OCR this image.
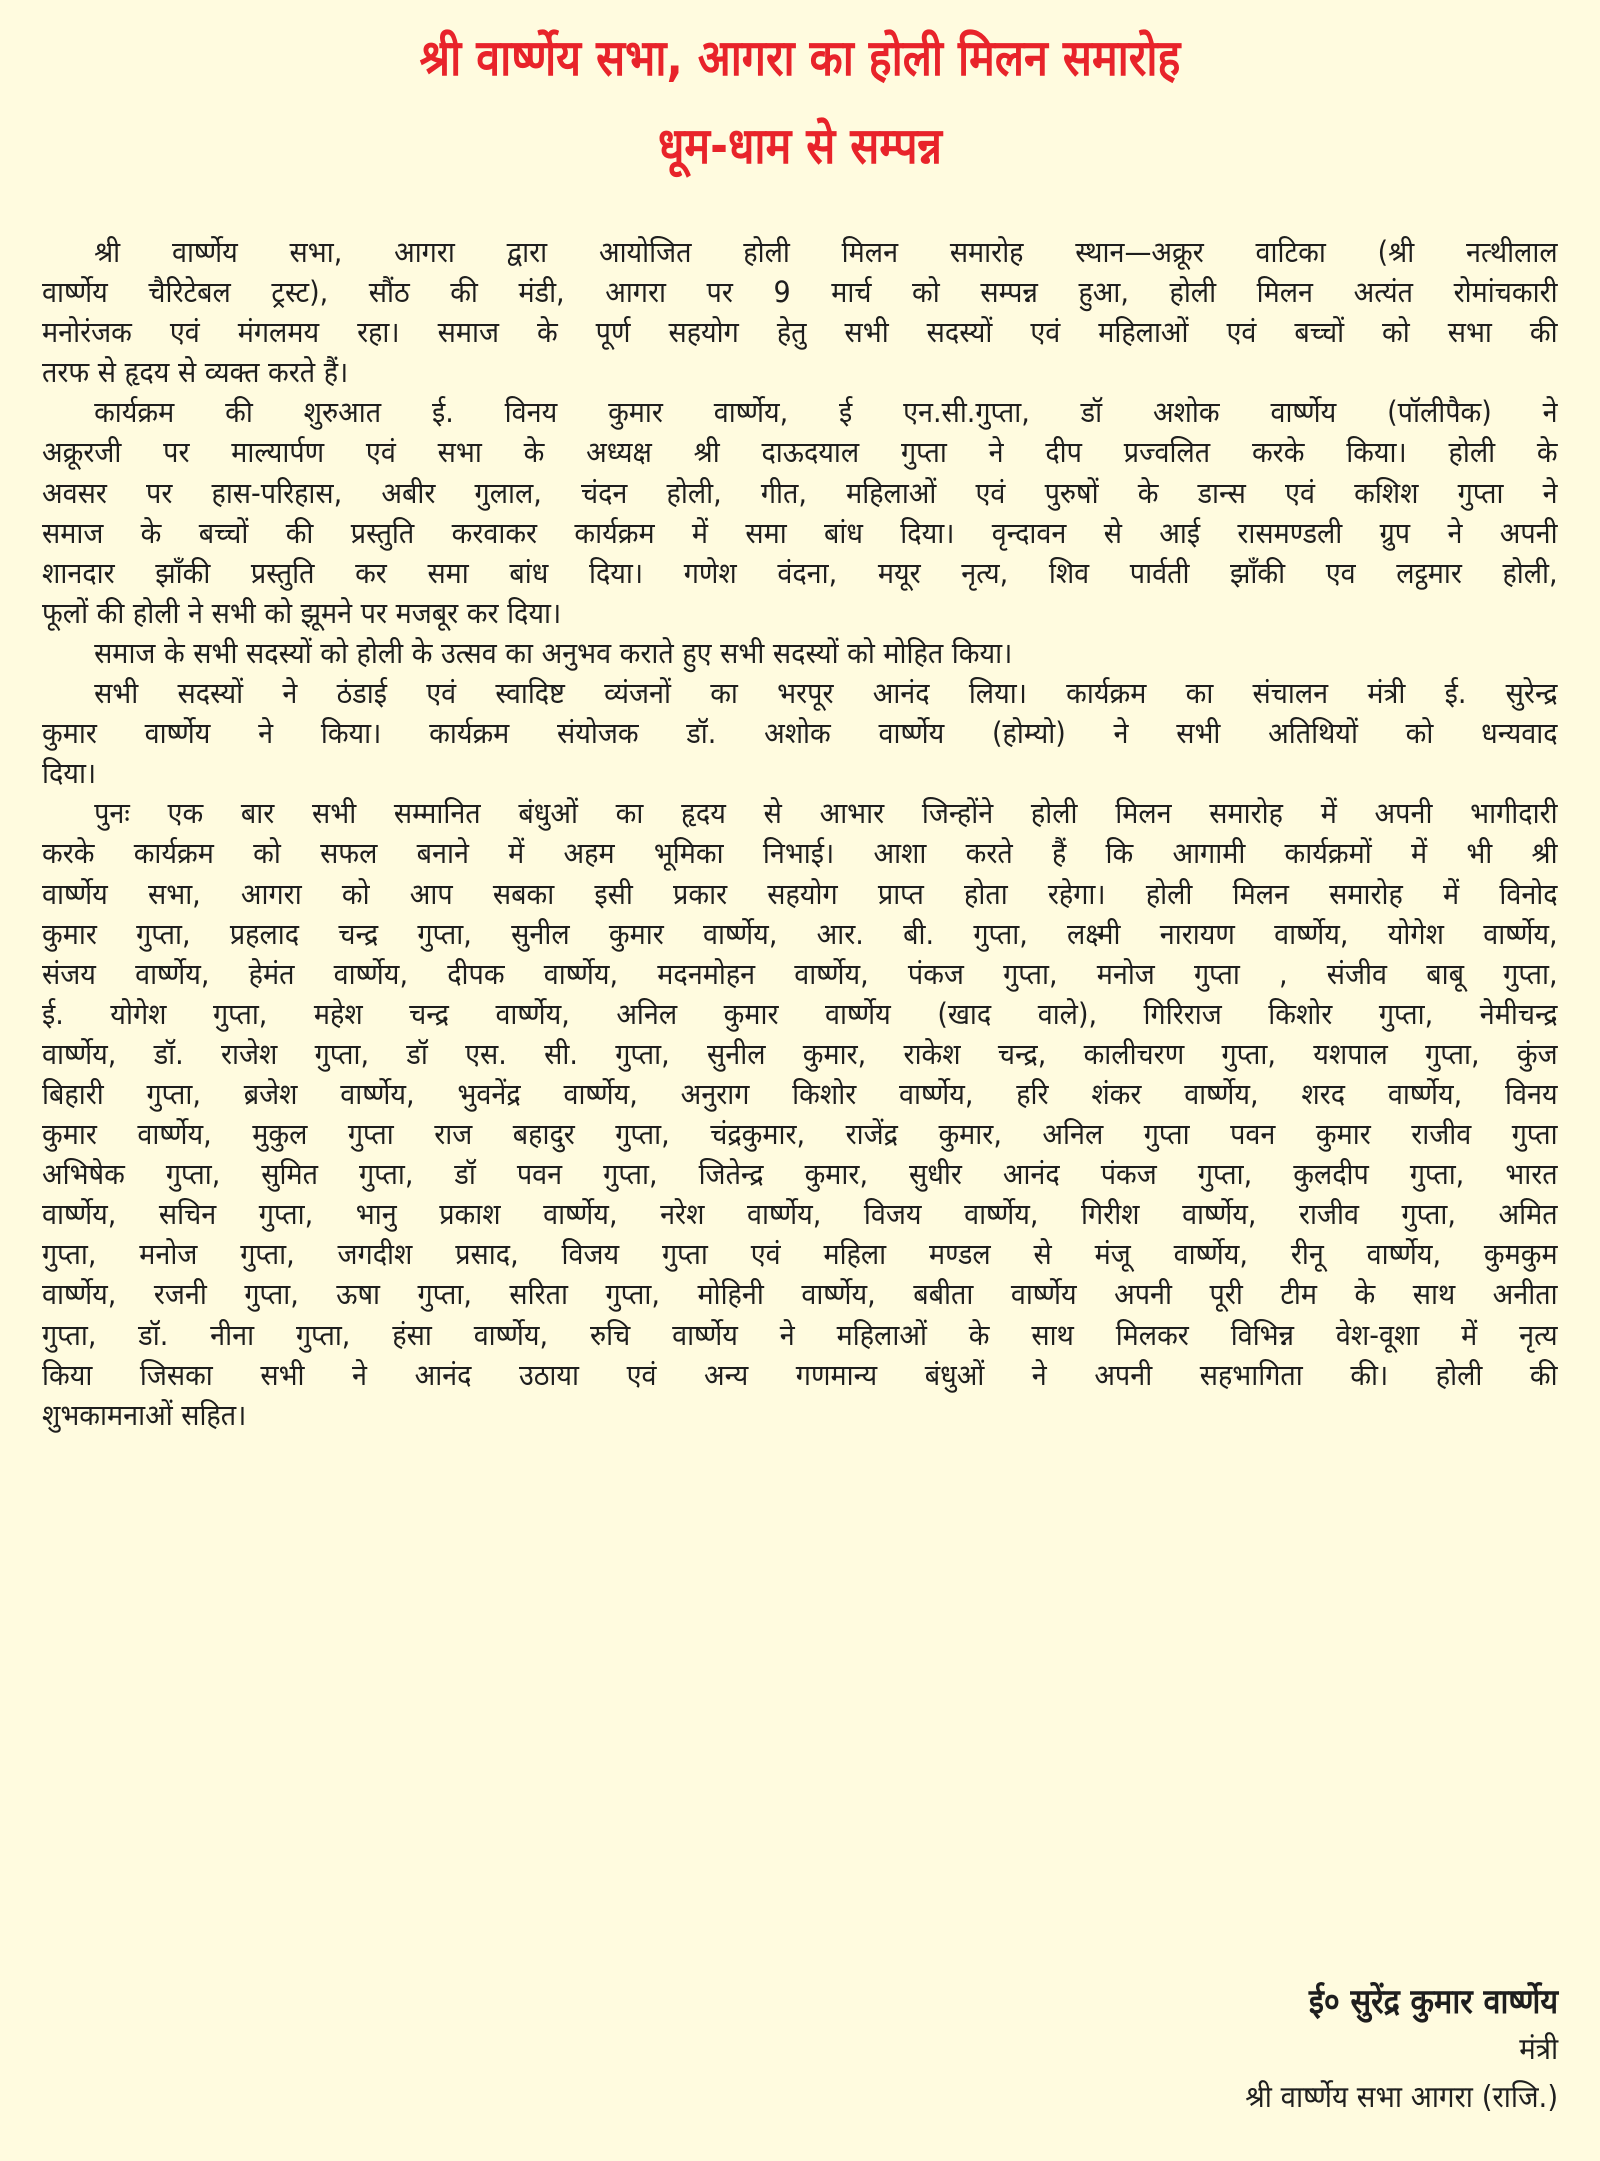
श्री वार्ष्णेय सभा, आगरा का होली मिलन समारोह
धूम-धाम से सम्पन्न
श्री वार्ष्णेय सभा, आगरा द्वारा आयोजित होली मिलन समारोह स्थान—अक्रूर वाटिका (श्री नत्थीलाल
वार्ष्णेय चैरिटेबल ट्रस्ट), सौंठ की मंडी, आगरा पर 9 मार्च को सम्पन्न हुआ, होली मिलन अत्यंत रोमांचकारी
मनोरंजक एवं मंगलमय रहा। समाज के पूर्ण सहयोग हेतु सभी सदस्यों एवं महिलाओं एवं बच्चों को सभा की
तरफ से हृदय से व्यक्त करते हैं।
कार्यक्रम की शुरुआत ई. विनय कुमार वार्ष्णेय, ई एन.सी.गुप्ता, डॉ अशोक वार्ष्णेय (पॉलीपैक) ने
अक्रूरजी पर माल्यार्पण एवं सभा के अध्यक्ष श्री दाऊदयाल गुप्ता ने दीप प्रज्वलित करके किया। होली के
अवसर पर हास-परिहास, अबीर गुलाल, चंदन होली, गीत, महिलाओं एवं पुरुषों के डान्स एवं कशिश गुप्ता ने
समाज के बच्चों की प्रस्तुति करवाकर कार्यक्रम में समा बांध दिया। वृन्दावन से आई रासमण्डली ग्रुप ने अपनी
शानदार झाँकी प्रस्तुति कर समा बांध दिया। गणेश वंदना, मयूर नृत्य, शिव पार्वती झाँकी एव लट्ठमार होली,
फूलों की होली ने सभी को झूमने पर मजबूर कर दिया।
समाज के सभी सदस्यों को होली के उत्सव का अनुभव कराते हुए सभी सदस्यों को मोहित किया।
सभी सदस्यों ने ठंडाई एवं स्वादिष्ट व्यंजनों का भरपूर आनंद लिया। कार्यक्रम का संचालन मंत्री ई. सुरेन्द्र
कुमार वार्ष्णेय ने किया। कार्यक्रम संयोजक डॉ. अशोक वार्ष्णेय (होम्यो) ने सभी अतिथियों को धन्यवाद
दिया।
पुनः एक बार सभी सम्मानित बंधुओं का हृदय से आभार जिन्होंने होली मिलन समारोह में अपनी भागीदारी
करके कार्यक्रम को सफल बनाने में अहम भूमिका निभाई। आशा करते हैं कि आगामी कार्यक्रमों में भी श्री
वार्ष्णेय सभा, आगरा को आप सबका इसी प्रकार सहयोग प्राप्त होता रहेगा। होली मिलन समारोह में विनोद
कुमार गुप्ता, प्रहलाद चन्द्र गुप्ता, सुनील कुमार वार्ष्णेय, आर. बी. गुप्ता, लक्ष्मी नारायण वार्ष्णेय, योगेश वार्ष्णेय,
संजय वार्ष्णेय, हेमंत वार्ष्णेय, दीपक वार्ष्णेय, मदनमोहन वार्ष्णेय, पंकज गुप्ता, मनोज गुप्ता , संजीव बाबू गुप्ता,
ई. योगेश गुप्ता, महेश चन्द्र वार्ष्णेय, अनिल कुमार वार्ष्णेय (खाद वाले), गिरिराज किशोर गुप्ता, नेमीचन्द्र
वार्ष्णेय, डॉ. राजेश गुप्ता, डॉ एस. सी. गुप्ता, सुनील कुमार, राकेश चन्द्र, कालीचरण गुप्ता, यशपाल गुप्ता, कुंज
बिहारी गुप्ता, ब्रजेश वार्ष्णेय, भुवनेंद्र वार्ष्णेय, अनुराग किशोर वार्ष्णेय, हरि शंकर वार्ष्णेय, शरद वार्ष्णेय, विनय
कुमार वार्ष्णेय, मुकुल गुप्ता राज बहादुर गुप्ता, चंद्रकुमार, राजेंद्र कुमार, अनिल गुप्ता पवन कुमार राजीव गुप्ता
अभिषेक गुप्ता, सुमित गुप्ता, डॉ पवन गुप्ता, जितेन्द्र कुमार, सुधीर आनंद पंकज गुप्ता, कुलदीप गुप्ता, भारत
वार्ष्णेय, सचिन गुप्ता, भानु प्रकाश वार्ष्णेय, नरेश वार्ष्णेय, विजय वार्ष्णेय, गिरीश वार्ष्णेय, राजीव गुप्ता, अमित
गुप्ता, मनोज गुप्ता, जगदीश प्रसाद, विजय गुप्ता एवं महिला मण्डल से मंजू वार्ष्णेय, रीनू वार्ष्णेय, कुमकुम
वार्ष्णेय, रजनी गुप्ता, ऊषा गुप्ता, सरिता गुप्ता, मोहिनी वार्ष्णेय, बबीता वार्ष्णेय अपनी पूरी टीम के साथ अनीता
गुप्ता, डॉ. नीना गुप्ता, हंसा वार्ष्णेय, रुचि वार्ष्णेय ने महिलाओं के साथ मिलकर विभिन्न वेश-वूशा में नृत्य
किया जिसका सभी ने आनंद उठाया एवं अन्य गणमान्य बंधुओं ने अपनी सहभागिता की। होली की
शुभकामनाओं सहित।
ई० सुरेंद्र कुमार वार्ष्णेय
मंत्री
श्री वार्ष्णेय सभा आगरा (राजि.)
